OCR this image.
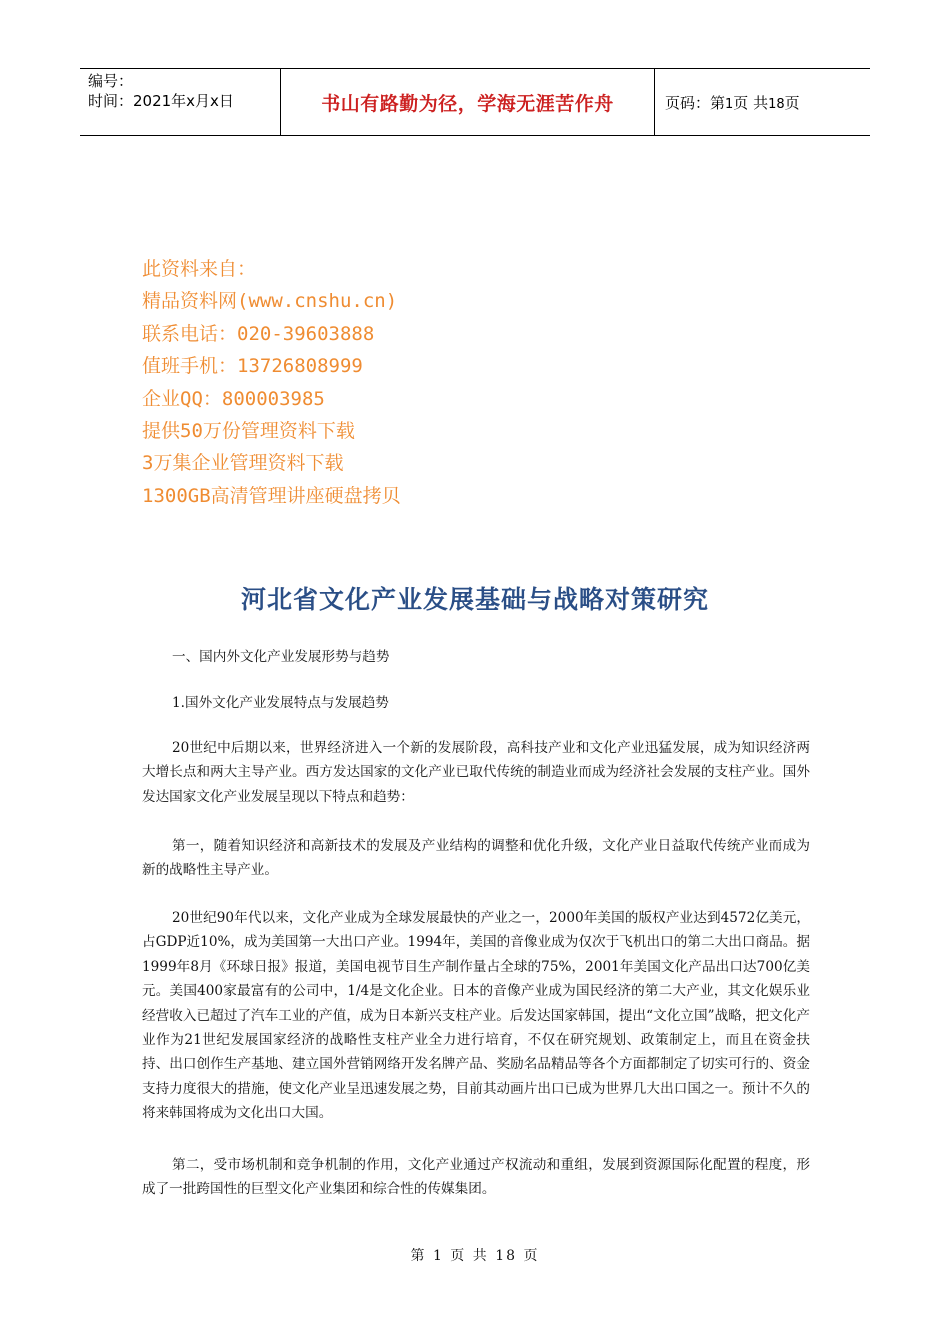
编号：
时间：2021年x月x日	书山有路勤为径，学海无涯苦作舟	页码：第1页 共18页
此资料来自：
精品资料网(www.cnshu.cn)
联系电话：020-39603888
值班手机：13726808999
企业QQ：800003985
提供50万份管理资料下载
3万集企业管理资料下载
1300GB高清管理讲座硬盘拷贝
河北省文化产业发展基础与战略对策研究

一、国内外文化产业发展形势与趋势

1.国外文化产业发展特点与发展趋势

20世纪中后期以来，世界经济进入一个新的发展阶段，高科技产业和文化产业迅猛发展，成为知识经济两大增长点和两大主导产业。西方发达国家的文化产业已取代传统的制造业而成为经济社会发展的支柱产业。国外发达国家文化产业发展呈现以下特点和趋势：

第一，随着知识经济和高新技术的发展及产业结构的调整和优化升级，文化产业日益取代传统产业而成为新的战略性主导产业。

20世纪90年代以来，文化产业成为全球发展最快的产业之一，2000年美国的版权产业达到4572亿美元，占GDP近10%，成为美国第一大出口产业。1994年，美国的音像业成为仅次于飞机出口的第二大出口商品。据1999年8月《环球日报》报道，美国电视节目生产制作量占全球的75%，2001年美国文化产品出口达700亿美元。美国400家最富有的公司中，1/4是文化企业。日本的音像产业成为国民经济的第二大产业，其文化娱乐业经营收入已超过了汽车工业的产值，成为日本新兴支柱产业。后发达国家韩国，提出“文化立国”战略，把文化产业作为21世纪发展国家经济的战略性支柱产业全力进行培育，不仅在研究规划、政策制定上，而且在资金扶持、出口创作生产基地、建立国外营销网络开发名牌产品、奖励名品精品等各个方面都制定了切实可行的、资金支持力度很大的措施，使文化产业呈迅速发展之势，目前其动画片出口已成为世界几大出口国之一。预计不久的将来韩国将成为文化出口大国。

第二，受市场机制和竞争机制的作用，文化产业通过产权流动和重组，发展到资源国际化配置的程度，形成了一批跨国性的巨型文化产业集团和综合性的传媒集团。

第 1 页 共 18 页
